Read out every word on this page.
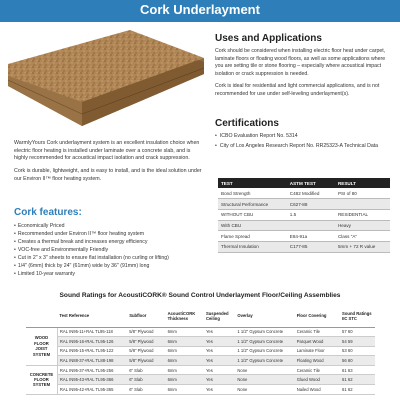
Cork Underlayment

WarmlyYours Cork underlayment system is an excellent insulation choice when electric floor heating is installed under laminate over a concrete slab, and is highly recommended for acoustical impact isolation and crack suppression.

Cork is durable, lightweight, and is easy to install, and is the ideal solution under our Environ II™ floor heating system.

Cork features:
• Economically Priced
• Recommended under Environ II™ floor heating system
• Creates a thermal break and increases energy efficiency
• VOC-free and Environmentally Friendly
• Cut in 2" x 3" sheets to ensure flat installation (no curling or lifting)
• 1/4" (6mm) thick by 24" (61mm) wide by 36" (91mm) long
• Limited 10-year warranty
Uses and Applications

Cork should be considered when installing electric floor heat under carpet, laminate floors or floating wood floors, as well as some applications where you are setting tile or stone flooring – especially where acoustical impact isolation or crack suppression is needed.

Cork is ideal for residential and light commercial applications, and is not recommended for use under self-leveling underlayment(s).

Certifications
• ICBO Evaluation Report No. 5314
• City of Los Angeles Research Report No. RR25323-A Technical Data
TEST	ASTM TEST	RESULT
Bond Strength	C482 Modified	PSI of 80
Structural Performance	C627-88	
WITHOUT CBU	1.5	RESIDENTIAL
With CBU		Heavy
Flame Spread	E84-91a	Class "A"
Thermal Insulation	C177-85	5mm + 72 R value
Sound Ratings for AcoustiCORK® Sound Control Underlayment Floor/Ceiling Assemblies
	Test Reference	Subfloor	AcoustiCORK Thickness	Suspended Ceiling	Overlay	Floor Covering	Sound Ratings IIC STC
WOOD FLOOR JOIST SYSTEM	RAL IN95-11+RAL TL95-118	5/8" Plywood	6mm	Yes	1 1/2" Gypsum Concrete	Ceramic Tile	57 60
	RAL IN95-16+RAL TL95-126	5/8" Plywood	6mm	Yes	1 1/2" Gypsum Concrete	Parquet Wood	54 59
	RAL IN95-15+RAL TL95-122	5/8" Plywood	6mm	Yes	1 1/2" Gypsum Concrete	Laminate Floor	53 60
	RAL IN88-37+RAL TL88-198	5/8" Plywood	6mm	Yes	1 1/2" Gypsum Concrete	Floating Wood	56 60
CONCRETE FLOOR SYSTEM	RAL IN95-37+RAL TL95-256	6" Slab	6mm	Yes	None	Ceramic Tile	61 63
	RAL IN95-43+RAL TL95-366	6" Slab	6mm	Yes	None	Glued Wood	61 62
	RAL IN95-42+RAL TL95-365	6" Slab	6mm	Yes	None	Nailed Wood	61 62
